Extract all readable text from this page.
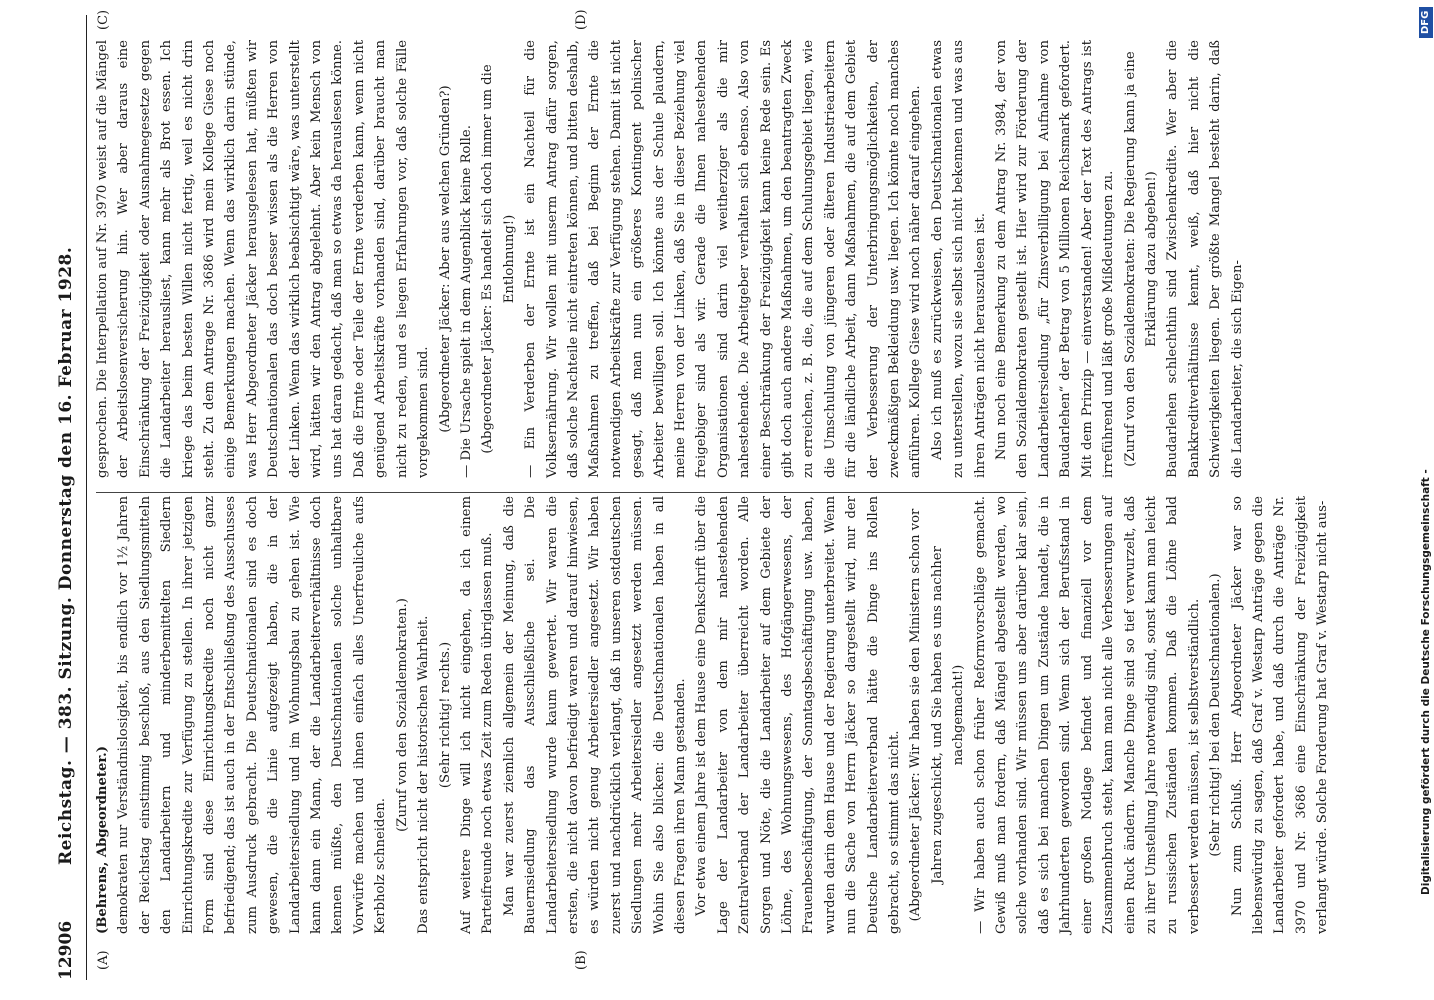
12906
Reichstag. — 383. Sitzung. Donnerstag den 16. Februar 1928.
(A)	(B)
(C)	(D)

(Behrens, Abgeordneter.) demokraten nur Verständnislosigkeit, bis endlich vor 1½ Jahren der Reichstag einstimmig beschloß, aus den Siedlungsmitteln den Landarbeitern und minderbemittelten Siedlern Einrichtungskredite zur Verfügung zu stellen. In ihrer jetzigen Form sind diese Einrichtungskredite noch nicht ganz befriedigend; das ist auch in der Entschließung des Ausschusses zum Ausdruck gebracht. Die Deutschnationalen sind es doch gewesen, die die Linie aufgezeigt haben, die in der Landarbeitersiedlung und im Wohnungsbau zu gehen ist. Wie kann dann ein Mann, der die Landarbeiterverhältnisse doch kennen müßte, den Deutschnationalen solche unhaltbare Vorwürfe machen und ihnen einfach alles Unerfreuliche aufs Kerbholz schneiden.

(Zuruf von den Sozialdemokraten.) Das entspricht nicht der historischen Wahrheit. (Sehr richtig! rechts.) Auf weitere Dinge will ich nicht eingehen, da ich einem Parteifreunde noch etwas Zeit zum Reden übriglassen muß. Man war zuerst ziemlich allgemein der Meinung, daß die Bauernsiedlung das Ausschließliche sei. Die Landarbeitersiedlung wurde kaum gewertet. Wir waren die ersten, die nicht davon befriedigt waren und darauf hinwiesen, es würden nicht genug Arbeitersiedler angesetzt. Wir haben zuerst und nachdrücklich verlangt, daß in unseren ostdeutschen Siedlungen mehr Arbeitersiedler angesetzt werden müssen. Wohin Sie also blicken: die Deutschnationalen haben in all diesen Fragen ihren Mann gestanden. Vor etwa einem Jahre ist dem Hause eine Denkschrift über die Lage der Landarbeiter von dem mir nahestehenden Zentralverband der Landarbeiter überreicht worden. Alle Sorgen und Nöte, die die Landarbeiter auf dem Gebiete der Löhne, des Wohnungswesens, des Hofgängerwesens, der Frauenbeschäftigung, der Sonntagsbeschäftigung usw. haben, wurden darin dem Hause und der Regierung unterbreitet. Wenn nun die Sache von Herrn Jäcker so dargestellt wird, nur der Deutsche Landarbeiterverband hätte die Dinge ins Rollen gebracht, so stimmt das nicht. (Abgeordneter Jäcker: Wir haben sie den Ministern schon vor Jahren zugeschickt, und Sie haben es uns nachher nachgemacht!) — Wir haben auch schon früher Reformvorschläge gemacht. Gewiß muß man fordern, daß Mängel abgestellt werden, wo solche vorhanden sind. Wir müssen uns aber darüber klar sein, daß es sich bei manchen Dingen um Zustände handelt, die in Jahrhunderten geworden sind. Wenn sich der Berufsstand in einer großen Notlage befindet und finanziell vor dem Zusammenbruch steht, kann man nicht alle Verbesserungen auf einen Ruck ändern. Manche Dinge sind so tief verwurzelt, daß zu ihrer Umstellung Jahre notwendig sind, sonst kann man leicht zu russischen Zuständen kommen. Daß die Löhne bald verbessert werden müssen, ist selbstverständlich. (Sehr richtig! bei den Deutschnationalen.) Nun zum Schluß. Herr Abgeordneter Jäcker war so liebenswürdig zu sagen, daß Graf v. Westarp Anträge gegen die Landarbeiter gefordert habe, und daß durch die Anträge Nr. 3970 und Nr. 3686 eine Einschränkung der Freizügigkeit verlangt würde. Solche Forderung hat Graf v. Westarp nicht aus-

gesprochen. Die Interpellation auf Nr. 3970 weist auf die Mängel der Arbeitslosenversicherung hin. Wer aber daraus eine Einschränkung der Freizügigkeit oder Ausnahmegesetze gegen die Landarbeiter herausliest, kann mehr als Brot essen. Ich kriege das beim besten Willen nicht fertig, weil es nicht drin steht. Zu dem Antrage Nr. 3686 wird mein Kollege Giese noch einige Bemerkungen machen. Wenn das wirklich darin stünde, was Herr Abgeordneter Jäcker herausgelesen hat, müßten wir Deutschnationalen das doch besser wissen als die Herren von der Linken. Wenn das wirklich beabsichtigt wäre, was unterstellt wird, hätten wir den Antrag abgelehnt. Aber kein Mensch von uns hat daran gedacht, daß man so etwas da herauslesen könne. Daß die Ernte oder Teile der Ernte verderben kann, wenn nicht genügend Arbeitskräfte vorhanden sind, darüber braucht man nicht zu reden, und es liegen Erfahrungen vor, daß solche Fälle vorgekommen sind. (Abgeordneter Jäcker: Aber aus welchen Gründen?) — Die Ursache spielt in dem Augenblick keine Rolle. (Abgeordneter Jäcker: Es handelt sich doch immer um die Entlohnung!) — Ein Verderben der Ernte ist ein Nachteil für die Volksernährung. Wir wollen mit unserm Antrag dafür sorgen, daß solche Nachteile nicht eintreten können, und bitten deshalb, Maßnahmen zu treffen, daß bei Beginn der Ernte die notwendigen Arbeitskräfte zur Verfügung stehen. Damit ist nicht gesagt, daß man nun ein größeres Kontingent polnischer Arbeiter bewilligen soll. Ich könnte aus der Schule plaudern, meine Herren von der Linken, daß Sie in dieser Beziehung viel freigebiger sind als wir. Gerade die Ihnen nahestehenden Organisationen sind darin viel weitherziger als die mir nahestehende. Die Arbeitgeber verhalten sich ebenso. Also von einer Beschränkung der Freizügigkeit kann keine Rede sein. Es gibt doch auch andere Maßnahmen, um den beantragten Zweck zu erreichen, z. B. die, die auf dem Schulungsgebiet liegen, wie die Umschulung von jüngeren oder älteren Industriearbeitern für die ländliche Arbeit, dann Maßnahmen, die auf dem Gebiet der Verbesserung der Unterbringungsmöglichkeiten, der zweckmäßigen Bekleidung usw. liegen. Ich könnte noch manches anführen. Kollege Giese wird noch näher darauf eingehen. Also ich muß es zurückweisen, den Deutschnationalen etwas zu unterstellen, wozu sie selbst sich nicht bekennen und was aus ihren Anträgen nicht herauszulesen ist. Nun noch eine Bemerkung zu dem Antrag Nr. 3984, der von den Sozialdemokraten gestellt ist. Hier wird zur Förderung der Landarbeitersiedlung „für Zinsverbilligung bei Aufnahme von Baudarlehen“ der Betrag von 5 Millionen Reichsmark gefordert. Mit dem Prinzip — einverstanden! Aber der Text des Antrags ist irreführend und läßt große Mißdeutungen zu. (Zuruf von den Sozialdemokraten: Die Regierung kann ja eine Erklärung dazu abgeben!) Baudarlehen schlechthin sind Zwischenkredite. Wer aber die Bankkreditverhältnisse kennt, weiß, daß hier nicht die Schwierigkeiten liegen. Der größte Mangel besteht darin, daß die Landarbeiter, die sich Eigen-

Digitalisierung gefördert durch die Deutsche Forschungsgemeinschaft -
DFG
